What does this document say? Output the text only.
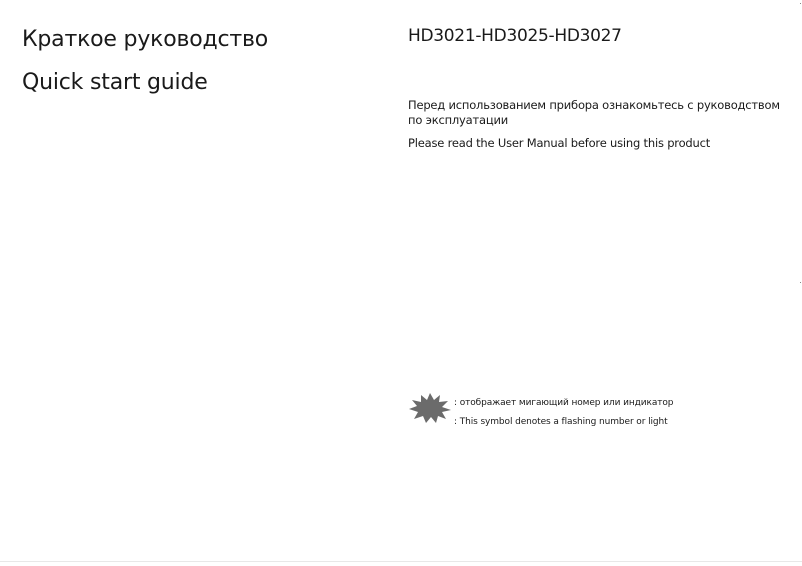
Краткое руководство
Quick start guide
HD3021-HD3025-HD3027

Перед использованием прибора ознакомьтесь с руководством по эксплуатации

Please read the User Manual before using this product

: отображает мигающий номер или индикатор

: This symbol denotes a flashing number or light
